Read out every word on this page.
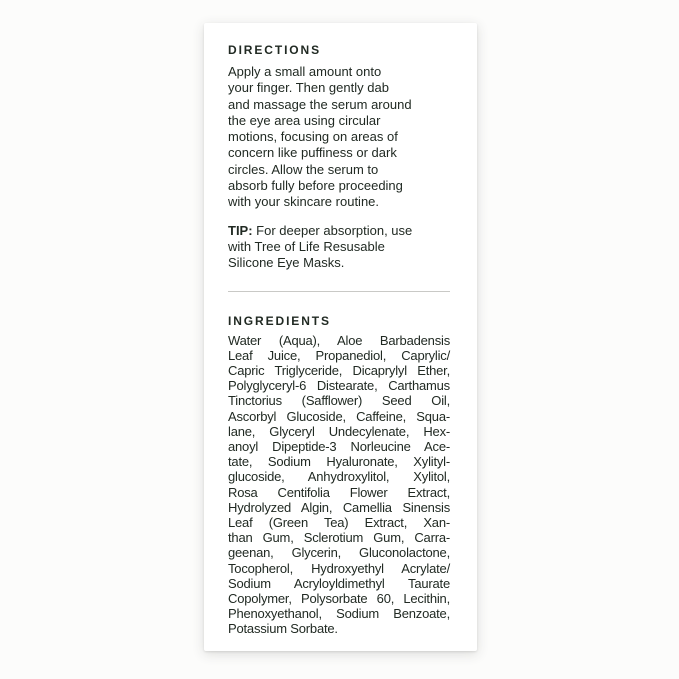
DIRECTIONS

Apply a small amount onto
your finger. Then gently dab
and massage the serum around
the eye area using circular
motions, focusing on areas of
concern like puffiness or dark
circles. Allow the serum to
absorb fully before proceeding
with your skincare routine.

TIP: For deeper absorption, use
with Tree of Life Resusable
Silicone Eye Masks.

INGREDIENTS
Water (Aqua), Aloe Barbadensis
Leaf Juice, Propanediol, Caprylic/
Capric Triglyceride, Dicaprylyl Ether,
Polyglyceryl-6 Distearate, Carthamus
Tinctorius (Safflower) Seed Oil,
Ascorbyl Glucoside, Caffeine, Squa-
lane, Glyceryl Undecylenate, Hex-
anoyl Dipeptide-3 Norleucine Ace-
tate, Sodium Hyaluronate, Xylityl-
glucoside, Anhydroxylitol, Xylitol,
Rosa Centifolia Flower Extract,
Hydrolyzed Algin, Camellia Sinensis
Leaf (Green Tea) Extract, Xan-
than Gum, Sclerotium Gum, Carra-
geenan, Glycerin, Gluconolactone,
Tocopherol, Hydroxyethyl Acrylate/
Sodium Acryloyldimethyl Taurate
Copolymer, Polysorbate 60, Lecithin,
Phenoxyethanol, Sodium Benzoate,
Potassium Sorbate.
